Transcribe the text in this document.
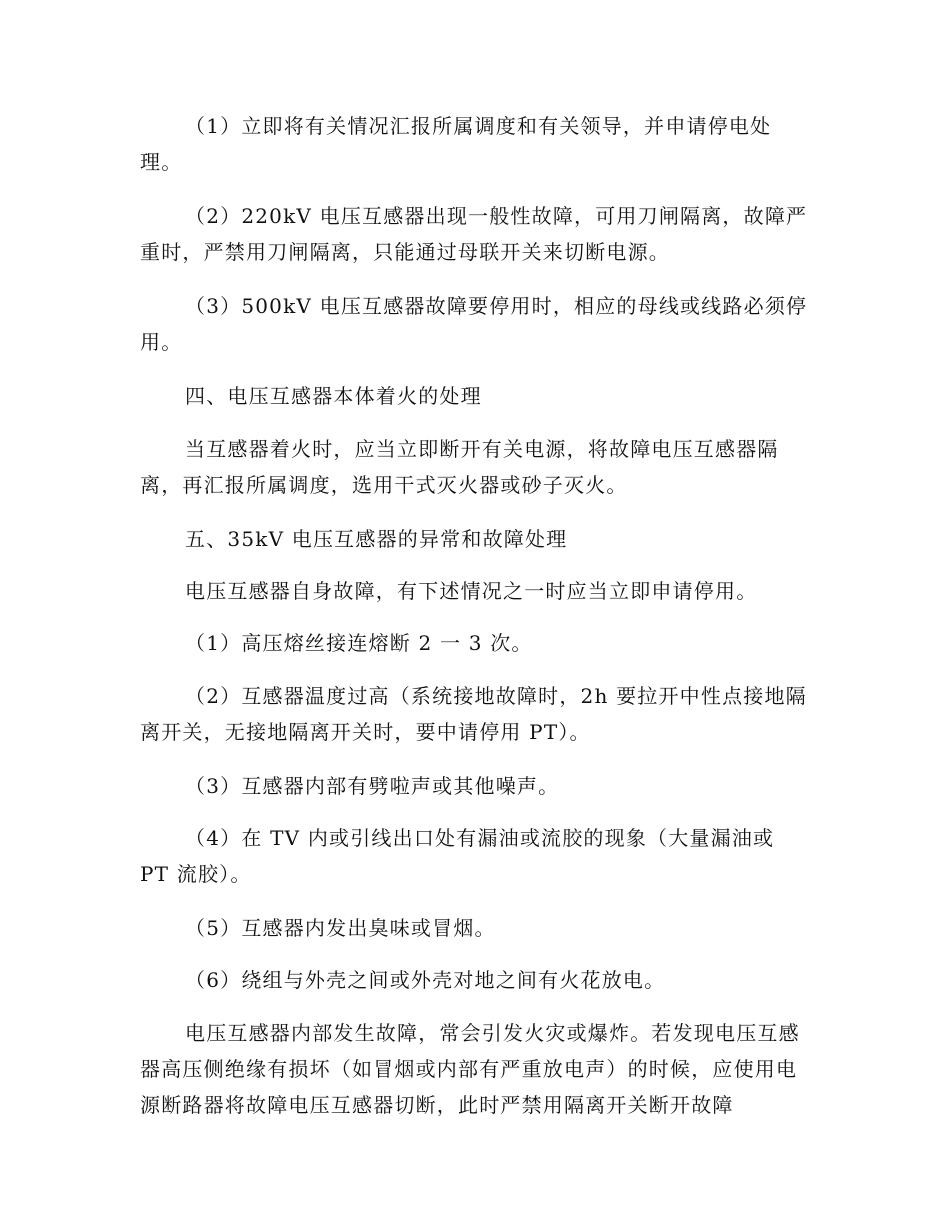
（1）立即将有关情况汇报所属调度和有关领导，并申请停电处理。

（2）220kV 电压互感器出现一般性故障，可用刀闸隔离，故障严重时，严禁用刀闸隔离，只能通过母联开关来切断电源。

（3）500kV 电压互感器故障要停用时，相应的母线或线路必须停用。

四、电压互感器本体着火的处理

当互感器着火时，应当立即断开有关电源，将故障电压互感器隔离，再汇报所属调度，选用干式灭火器或砂子灭火。

五、35kV 电压互感器的异常和故障处理

电压互感器自身故障，有下述情况之一时应当立即申请停用。

（1）高压熔丝接连熔断 2 一 3 次。

（2）互感器温度过高（系统接地故障时，2h 要拉开中性点接地隔离开关，无接地隔离开关时，要中请停用 PT）。

（3）互感器内部有劈啦声或其他噪声。

（4）在 TV 内或引线出口处有漏油或流胶的现象（大量漏油或 PT 流胶）。

（5）互感器内发出臭味或冒烟。

（6）绕组与外壳之间或外壳对地之间有火花放电。

电压互感器内部发生故障，常会引发火灾或爆炸。若发现电压互感器高压侧绝缘有损坏（如冒烟或内部有严重放电声）的时候，应使用电源断路器将故障电压互感器切断，此时严禁用隔离开关断开故障
